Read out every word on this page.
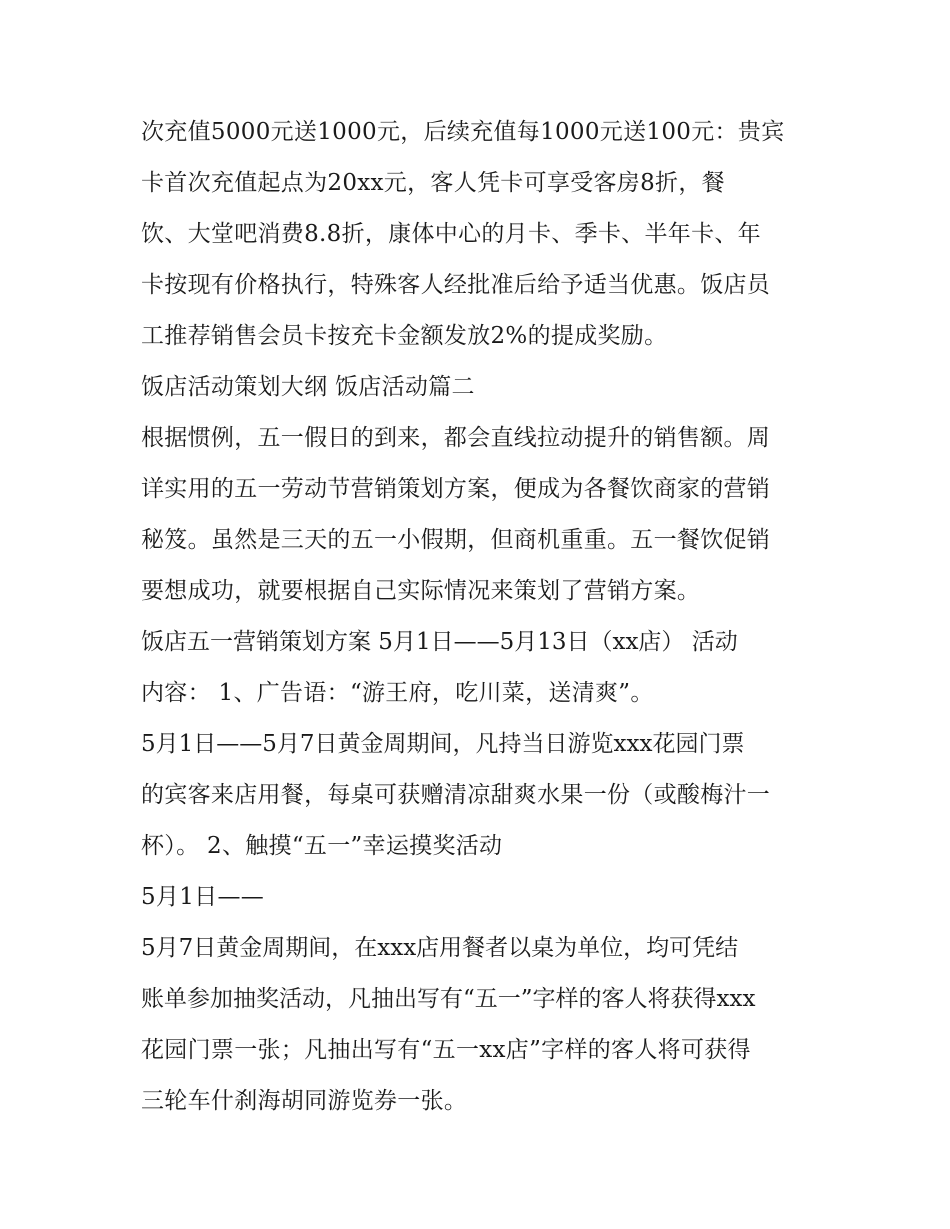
次充值5000元送1000元，后续充值每1000元送100元：贵宾
卡首次充值起点为20xx元，客人凭卡可享受客房8折，餐
饮、大堂吧消费8.8折，康体中心的月卡、季卡、半年卡、年
卡按现有价格执行，特殊客人经批准后给予适当优惠。饭店员
工推荐销售会员卡按充卡金额发放2%的提成奖励。
饭店活动策划大纲 饭店活动篇二
根据惯例，五一假日的到来，都会直线拉动提升的销售额。周
详实用的五一劳动节营销策划方案，便成为各餐饮商家的营销
秘笈。虽然是三天的五一小假期，但商机重重。五一餐饮促销
要想成功，就要根据自己实际情况来策划了营销方案。
饭店五一营销策划方案 5月1日——5月13日（xx店） 活动
内容： 1、广告语：“游王府，吃川菜，送清爽”。
5月1日——5月7日黄金周期间，凡持当日游览xxx花园门票
的宾客来店用餐，每桌可获赠清凉甜爽水果一份（或酸梅汁一
杯）。 2、触摸“五一”幸运摸奖活动
5月1日——
5月7日黄金周期间，在xxx店用餐者以桌为单位，均可凭结
账单参加抽奖活动，凡抽出写有“五一”字样的客人将获得xxx
花园门票一张；凡抽出写有“五一xx店”字样的客人将可获得
三轮车什刹海胡同游览券一张。
